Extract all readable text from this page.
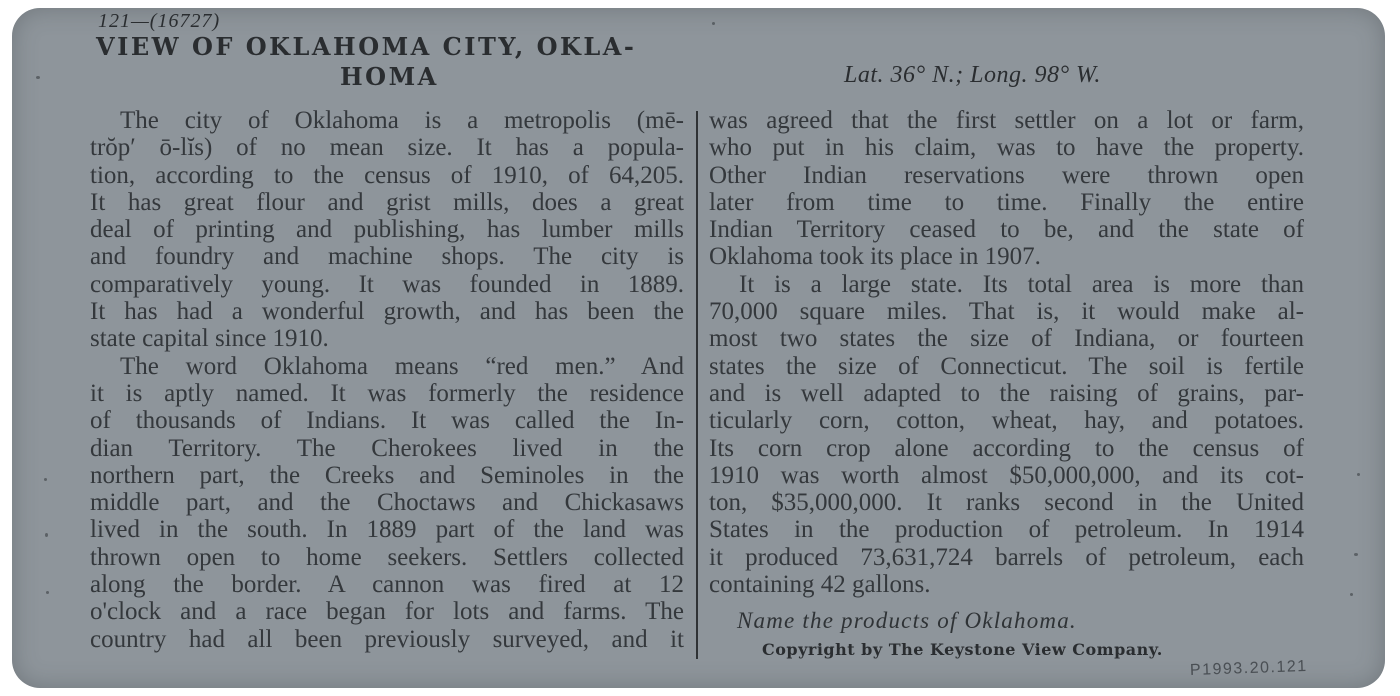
121—(16727)
VIEW OF OKLAHOMA CITY, OKLA-
HOMA	Lat. 36° N.; Long. 98° W.

The city of Oklahoma is a metropolis (mē-

trŏp′ ō-lĭs) of no mean size. It has a popula-

tion, according to the census of 1910, of 64,205.

It has great flour and grist mills, does a great

deal of printing and publishing, has lumber mills

and foundry and machine shops. The city is

comparatively young. It was founded in 1889.

It has had a wonderful growth, and has been the

state capital since 1910.

The word Oklahoma means “red men.” And

it is aptly named. It was formerly the residence

of thousands of Indians. It was called the In-

dian Territory. The Cherokees lived in the

northern part, the Creeks and Seminoles in the

middle part, and the Choctaws and Chickasaws

lived in the south. In 1889 part of the land was

thrown open to home seekers. Settlers collected

along the border. A cannon was fired at 12

o'clock and a race began for lots and farms. The

country had all been previously surveyed, and it

was agreed that the first settler on a lot or farm,

who put in his claim, was to have the property.

Other Indian reservations were thrown open

later from time to time. Finally the entire

Indian Territory ceased to be, and the state of

Oklahoma took its place in 1907.

It is a large state. Its total area is more than

70,000 square miles. That is, it would make al-

most two states the size of Indiana, or fourteen

states the size of Connecticut. The soil is fertile

and is well adapted to the raising of grains, par-

ticularly corn, cotton, wheat, hay, and potatoes.

Its corn crop alone according to the census of

1910 was worth almost $50,000,000, and its cot-

ton, $35,000,000. It ranks second in the United

States in the production of petroleum. In 1914

it produced 73,631,724 barrels of petroleum, each

containing 42 gallons.

Name the products of Oklahoma.
Copyright by The Keystone View Company.
P1993.20.121
